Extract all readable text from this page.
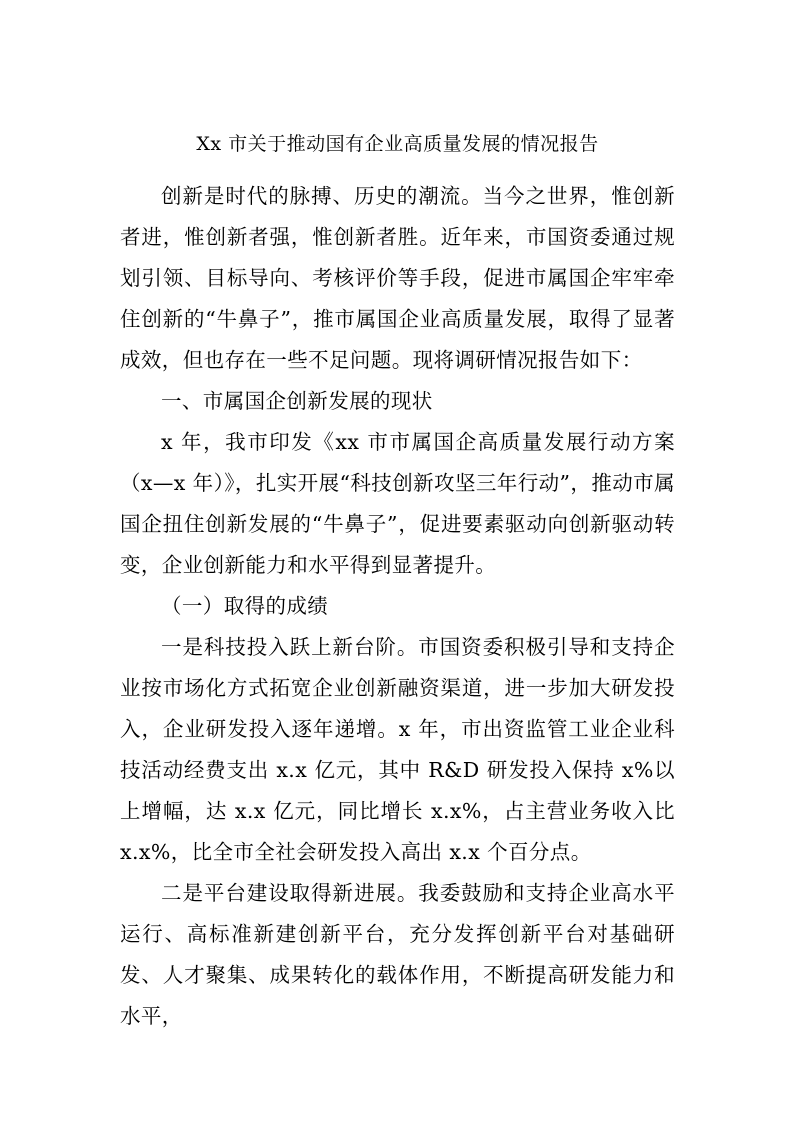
Xx 市关于推动国有企业高质量发展的情况报告

创新是时代的脉搏、历史的潮流。当今之世界，惟创新者进，惟创新者强，惟创新者胜。近年来，市国资委通过规划引领、目标导向、考核评价等手段，促进市属国企牢牢牵住创新的“牛鼻子”，推市属国企业高质量发展，取得了显著成效，但也存在一些不足问题。现将调研情况报告如下：

一、市属国企创新发展的现状

x 年，我市印发《xx 市市属国企高质量发展行动方案（x—x 年）》，扎实开展“科技创新攻坚三年行动”，推动市属国企扭住创新发展的“牛鼻子”，促进要素驱动向创新驱动转变，企业创新能力和水平得到显著提升。

（一）取得的成绩

一是科技投入跃上新台阶。市国资委积极引导和支持企业按市场化方式拓宽企业创新融资渠道，进一步加大研发投入，企业研发投入逐年递增。x 年，市出资监管工业企业科技活动经费支出 x.x 亿元，其中 R&D 研发投入保持 x%以上增幅，达 x.x 亿元，同比增长 x.x%，占主营业务收入比 x.x%，比全市全社会研发投入高出 x.x 个百分点。

二是平台建设取得新进展。我委鼓励和支持企业高水平运行、高标准新建创新平台，充分发挥创新平台对基础研发、人才聚集、成果转化的载体作用，不断提高研发能力和水平，
